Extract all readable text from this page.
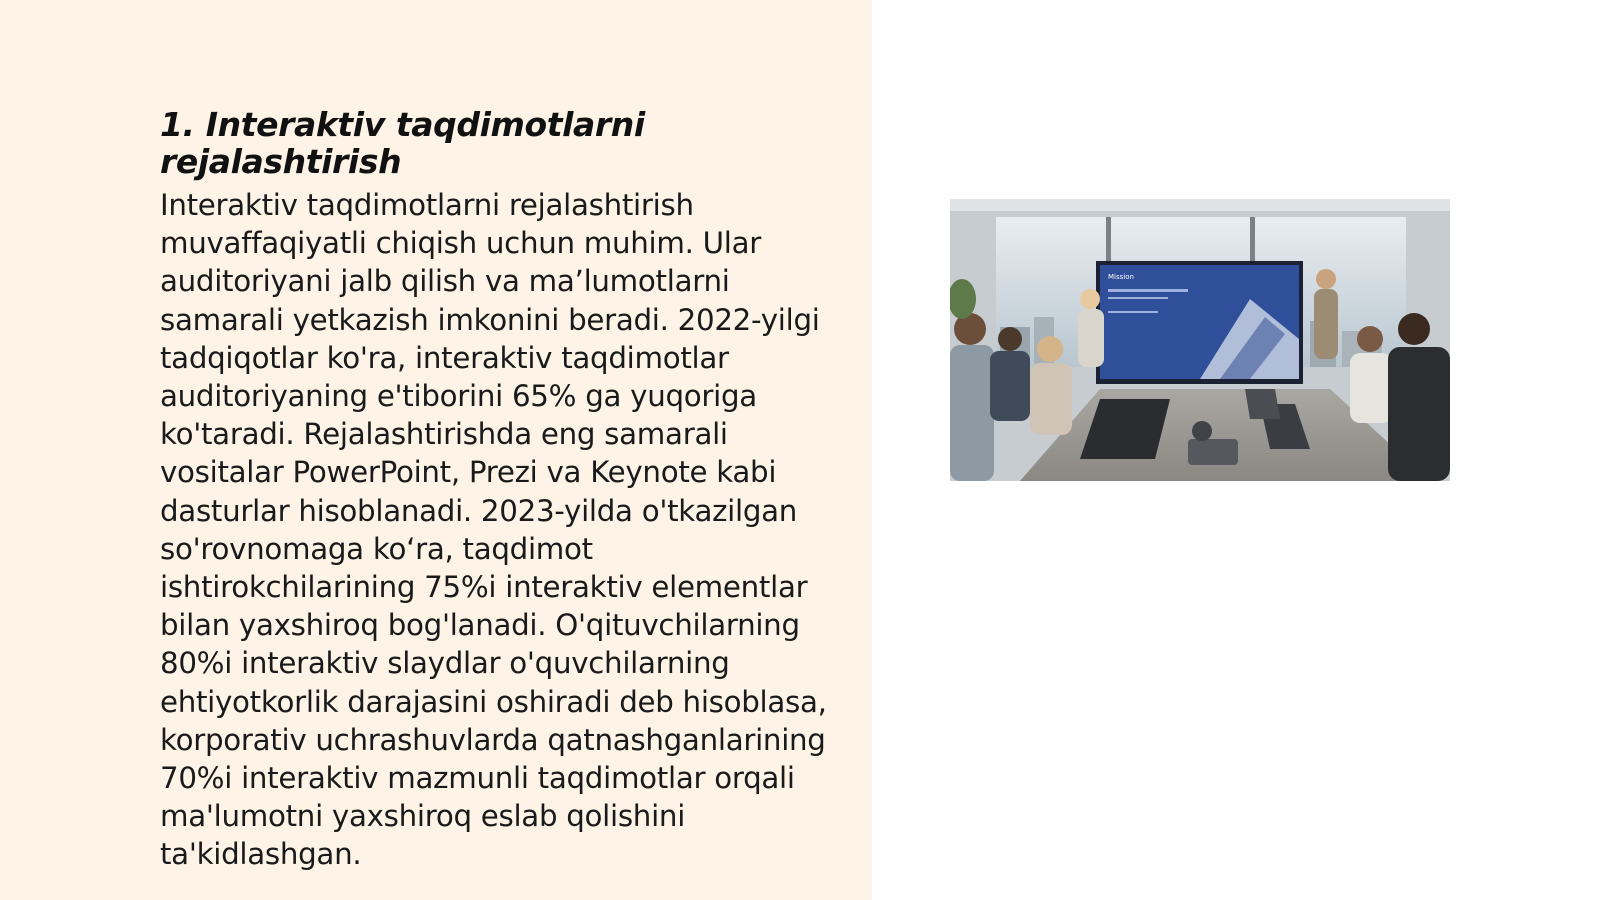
1. Interaktiv taqdimotlarni rejalashtirish

Interaktiv taqdimotlarni rejalashtirish muvaffaqiyatli chiqish uchun muhim. Ular auditoriyani jalb qilish va ma’lumotlarni samarali yetkazish imkonini beradi. 2022-yilgi tadqiqotlar ko'ra, interaktiv taqdimotlar auditoriyaning e'tiborini 65% ga yuqoriga ko'taradi. Rejalashtirishda eng samarali vositalar PowerPoint, Prezi va Keynote kabi dasturlar hisoblanadi. 2023-yilda o'tkazilgan so'rovnomaga koʻra, taqdimot ishtirokchilarining 75%i interaktiv elementlar bilan yaxshiroq bog'lanadi. O'qituvchilarning 80%i interaktiv slaydlar o'quvchilarning ehtiyotkorlik darajasini oshiradi deb hisoblasa, korporativ uchrashuvlarda qatnashganlarining 70%i interaktiv mazmunli taqdimotlar orqali ma'lumotni yaxshiroq eslab qolishini ta'kidlashgan.

Mission
